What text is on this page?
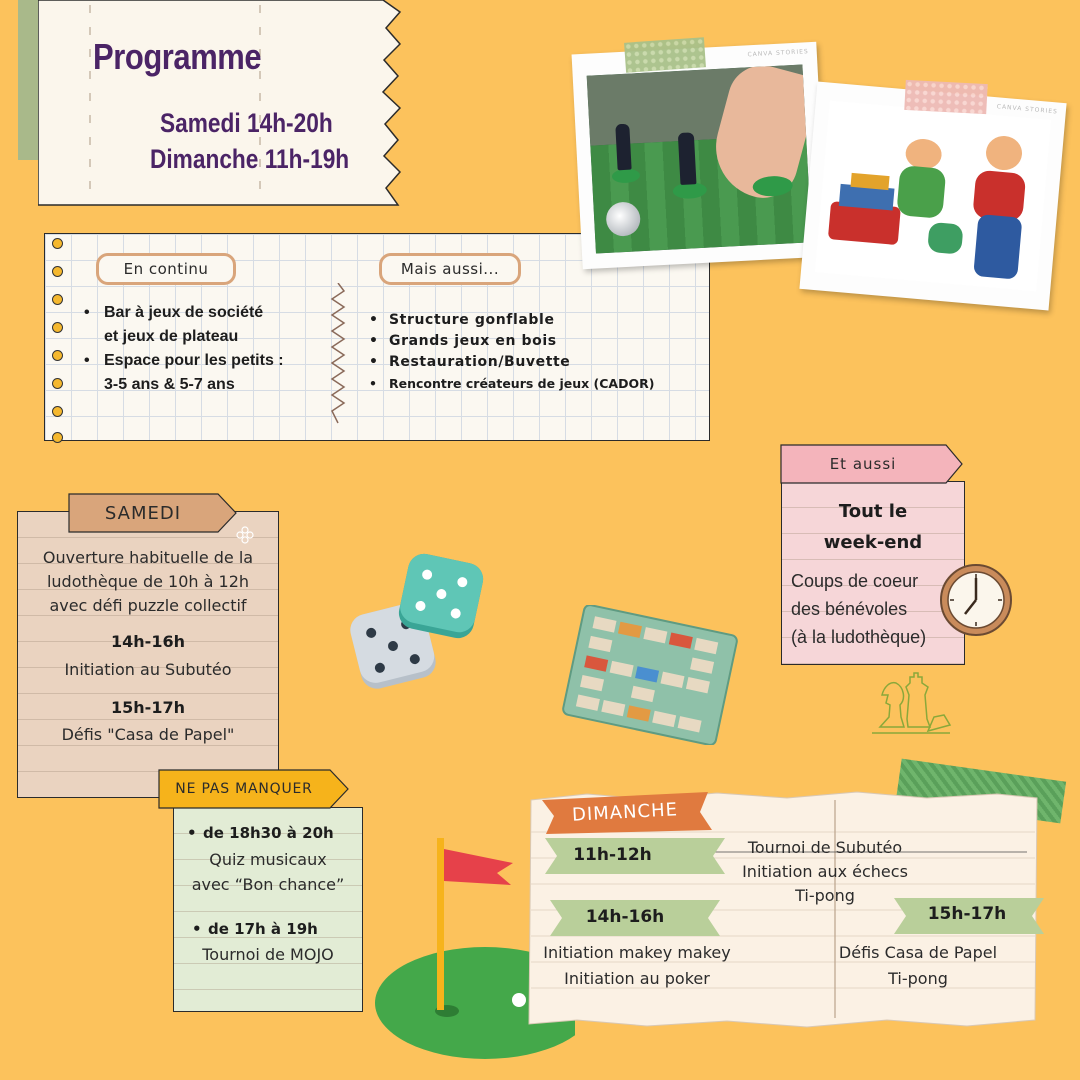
Programme
Samedi 14h-20h
Dimanche 11h-19h
En continu	Mais aussi...
• Bar à jeux de société
et jeux de plateau
• Espace pour les petits :
3-5 ans & 5-7 ans
• Structure gonflable
• Grands jeux en bois
• Restauration/Buvette
• Rencontre créateurs de jeux (CADOR)
CANVA STORIES
CANVA STORIES
SAMEDI
Ouverture habituelle de la
ludothèque de 10h à 12h
avec défi puzzle collectif
14h-16h
Initiation au Subutéo
15h-17h
Défis "Casa de Papel"
NE PAS MANQUER
• de 18h30 à 20h
Quiz musicaux
avec “Bon chance”
• de 17h à 19h
Tournoi de MOJO
Et aussi
Tout le
week-end
Coups de coeur
des bénévoles
(à la ludothèque)
DIMANCHE
11h-12h
14h-16h	15h-17h
Tournoi de Subutéo
Initiation aux échecs
Ti-pong
Initiation makey makey
Initiation au poker
Défis Casa de Papel
Ti-pong
